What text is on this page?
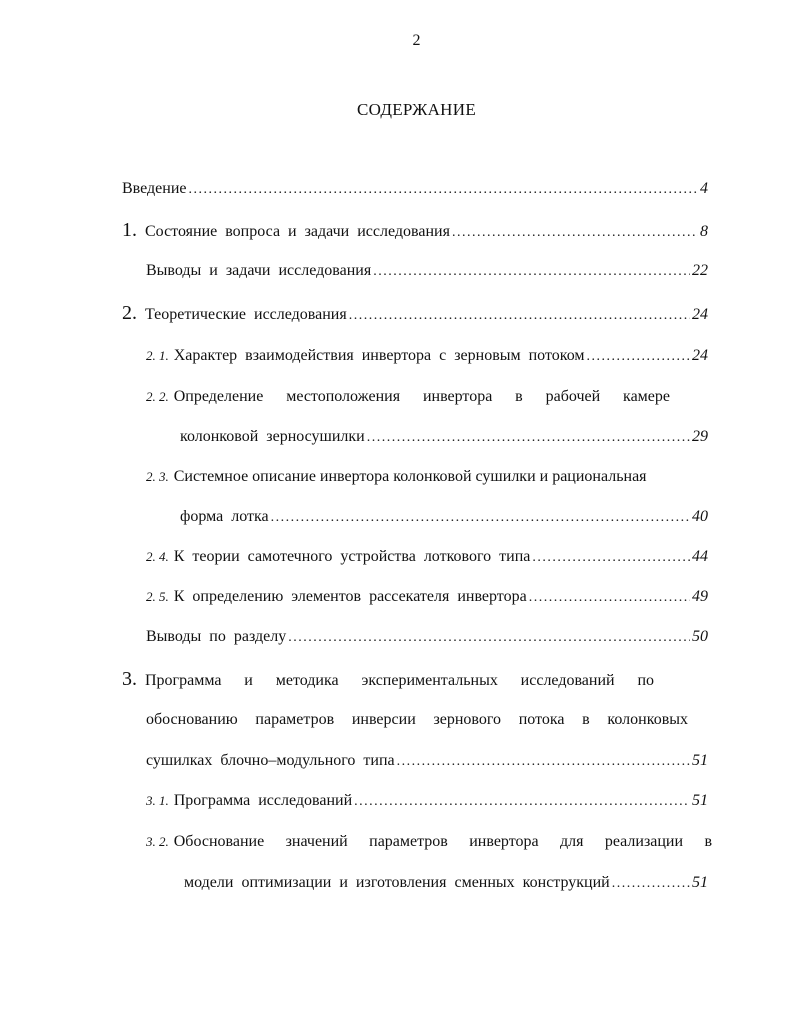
2
СОДЕРЖАНИЕ
Введение .....	4
1. Состояние вопроса и задачи исследования .....	8
Выводы и задачи исследования .....	22
2. Теоретические исследования .....	24
2. 1. Характер взаимодействия инвертора с зерновым потоком .....	24
2. 2. Определение местоположения инвертора в рабочей камере
колонковой зерносушилки .....	29
2. 3. Системное описание инвертора колонковой сушилки и рациональная
форма лотка .....	40
2. 4. К теории самотечного устройства лоткового типа .....	44
2. 5. К определению элементов рассекателя инвертора .....	49
Выводы по разделу .....	50
3. Программа и методика экспериментальных исследований по
обоснованию параметров инверсии зернового потока в колонковых
сушилках блочно–модульного типа .....	51
3. 1. Программа исследований .....	51
3. 2. Обоснование значений параметров инвертора для реализации в
модели оптимизации и изготовления сменных конструкций .....	51
